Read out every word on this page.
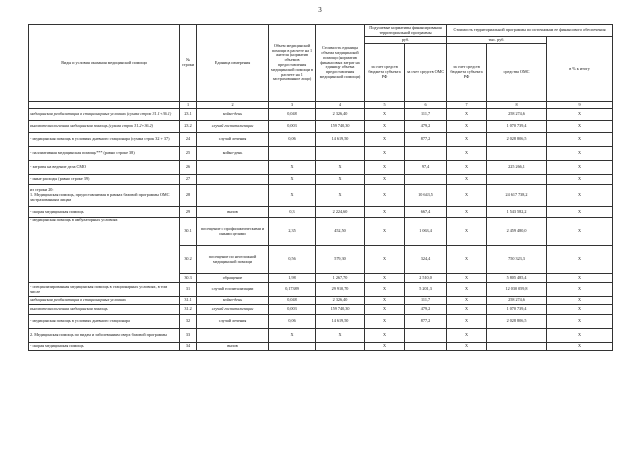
3
Виды и условия оказания медицинской помощи	№ строки	Единица измерения	Объем медицинской помощи в расчете на 1 жителя (норматив объемов предоставления медицинской помощи в расчете на 1 застрахованное лицо)	Стоимость единицы объема медицинской помощи (норматив финансовых затрат на единицу объема предоставления медицинской помощи)	Подушевые нормативы финансирования территориальной программы		Стоимость территориальной программы по источникам ее финансового обеспечения		
					руб.		тыс. руб.		в % к итогу
					за счет средств бюджета субъекта РФ	за счет средств ОМС	за счет средств бюджета субъекта РФ	средства ОМС	
	1	2	3	4	5	6	7	8	9
медицинская реабилитация в стационарных условиях (сумма строк 31.1+36.1)	23.1	койко-день	0,048	2 326,40	X	111,7	X	258 274,6	X
высокотехнологичная медицинская помощь (сумма строк 31.2+36.2)	23.2	случай госпитализации	0,003	159 740,30	X	479,2	X	1 070 739,4	X
- медицинская помощь в условиях дневного стационара (сумма строк 32 + 37)	24	случай лечения	0,06	14 619,50	X	877,2	X	2 028 806,5	X
- паллиативная медицинская помощь*** (равно строке 38)	25	койко-день			X		X		X
- затраты на ведение дела СМО	26		X	X	X	97,4	X	225 266,1	X
- иные расходы (равно строке 39)	27		X	X	X		X		X
из строки 20:
1. Медицинская помощь, предоставляемая в рамках базовой программы ОМС застрахованным лицам	28		X	X	X	10 643,5	X	24 617 738,2	X
- скорая медицинская помощь	29	вызов	0,3	2 224,60	X	667,4	X	1 543 582,2	X
- медицинская помощь в амбулаторных условиях	30.1	посещение с профилактическими и иными целями	2,35	452,50	X	1 063,4	X	2 459 480,0	X
	30.2	посещение по неотложной медицинской помощи	0,56	579,30	X	324,4	X	750 323,3	X
	30.3	обращение	1,98	1 267,70	X	2 510,0	X	5 805 485,4	X
- специализированная медицинская помощь в стационарных условиях, в том числе	31	случай госпитализации	0,17389	29 910,70	X	5 201,3	X	12 030 059,8	X
медицинская реабилитация в стационарных условиях	31.1	койко-день	0,048	2 326,40	X	111,7	X	258 274,6	X
высокотехнологичная медицинская помощь	31.2	случай госпитализации	0,003	159 740,30	X	479,2	X	1 070 739,4	X
- медицинская помощь в условиях дневного стационара	32	случай лечения	0,06	14 619,50	X	877,2	X	2 028 806,5	X
2. Медицинская помощь по видам и заболеваниям сверх базовой программы	33		X	X	X		X		X
- скорая медицинская помощь	34	вызов			X		X		X
